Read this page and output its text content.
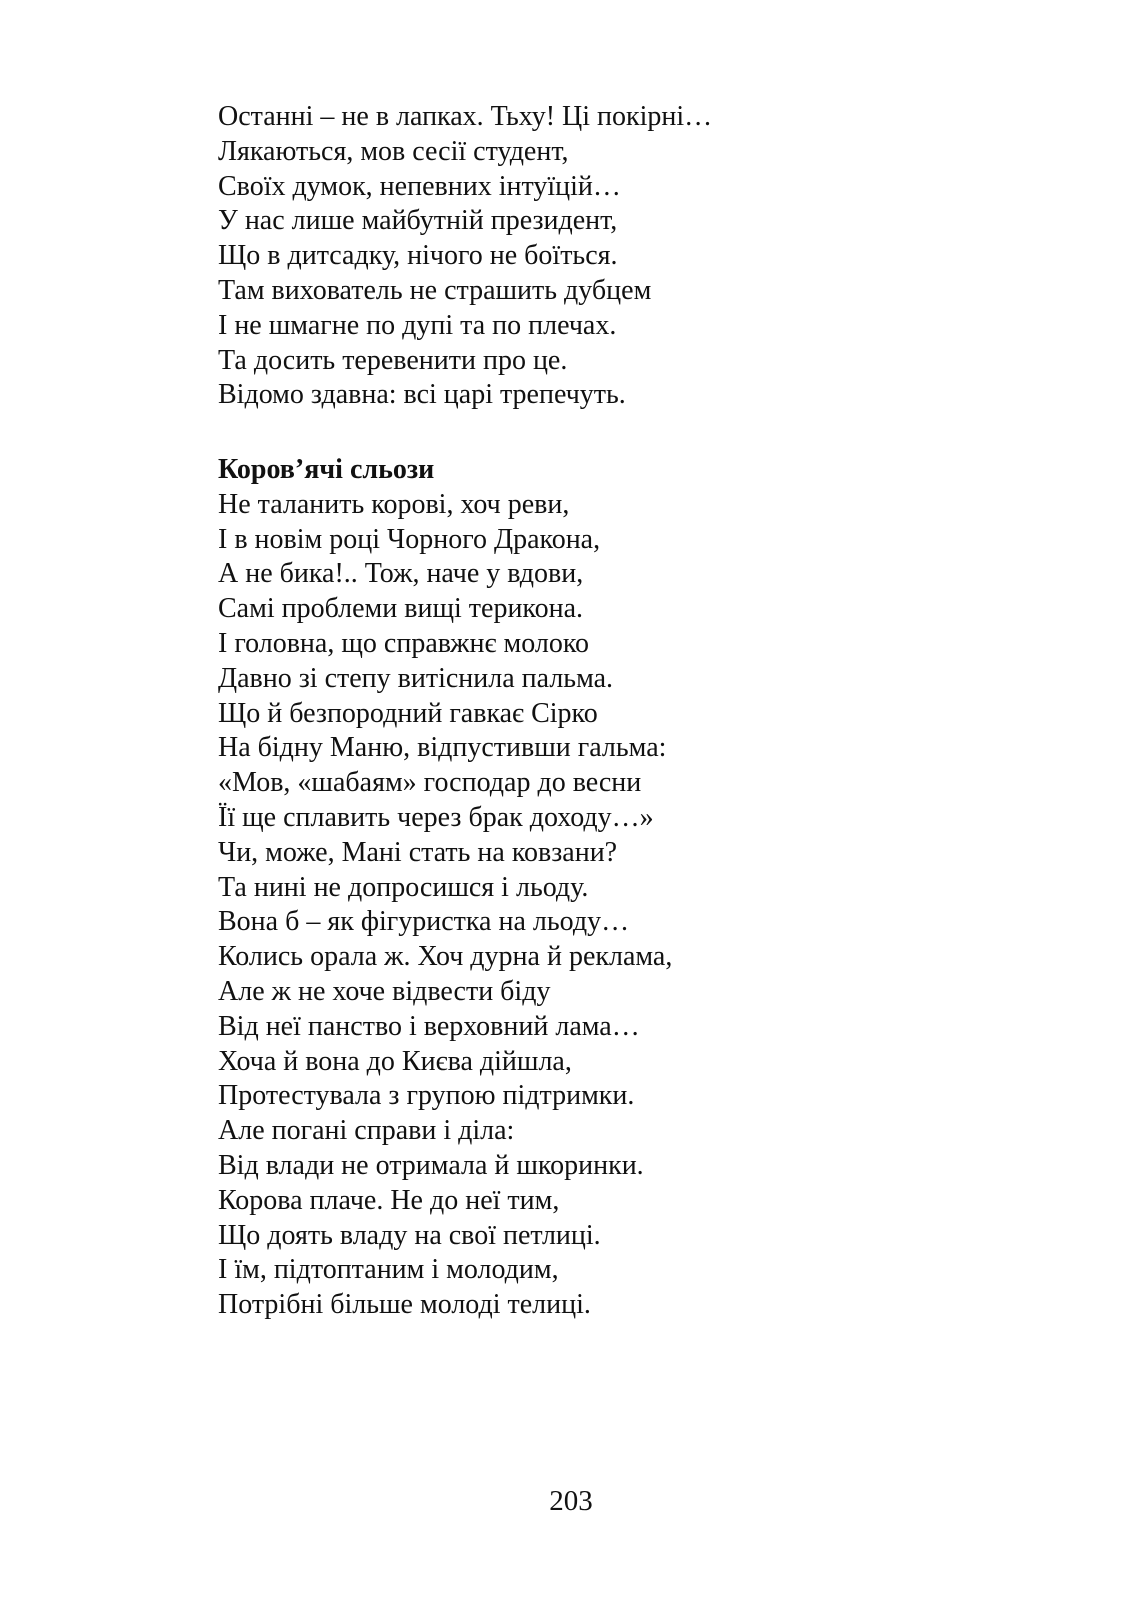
Останні – не в лапках. Тьху! Ці покірні…
Лякаються, мов сесії студент,
Своїх думок, непевних інтуїцій…
У нас лише майбутній президент,
Що в дитсадку, нічого не боїться.
Там вихователь не страшить дубцем
І не шмагне по дупі та по плечах.
Та досить теревенити про це.
Відомо здавна: всі царі трепечуть.
Коров’ячі сльози
Не таланить корові, хоч реви,
І в новім році Чорного Дракона,
А не бика!.. Тож, наче у вдови,
Самі проблеми вищі терикона.
І головна, що справжнє молоко
Давно зі степу витіснила пальма.
Що й безпородний гавкає Сірко
На бідну Маню, відпустивши гальма:
«Мов, «шабаям» господар до весни
Її ще сплавить через брак доходу…»
Чи, може, Мані стать на ковзани?
Та нині не допросишся і льоду.
Вона б – як фігуристка на льоду…
Колись орала ж. Хоч дурна й реклама,
Але ж не хоче відвести біду
Від неї панство і верховний лама…
Хоча й вона до Києва дійшла,
Протестувала з групою підтримки.
Але погані справи і діла:
Від влади не отримала й шкоринки.
Корова плаче. Не до неї тим,
Що доять владу на свої петлиці.
І їм, підтоптаним і молодим,
Потрібні більше молоді телиці.
203
